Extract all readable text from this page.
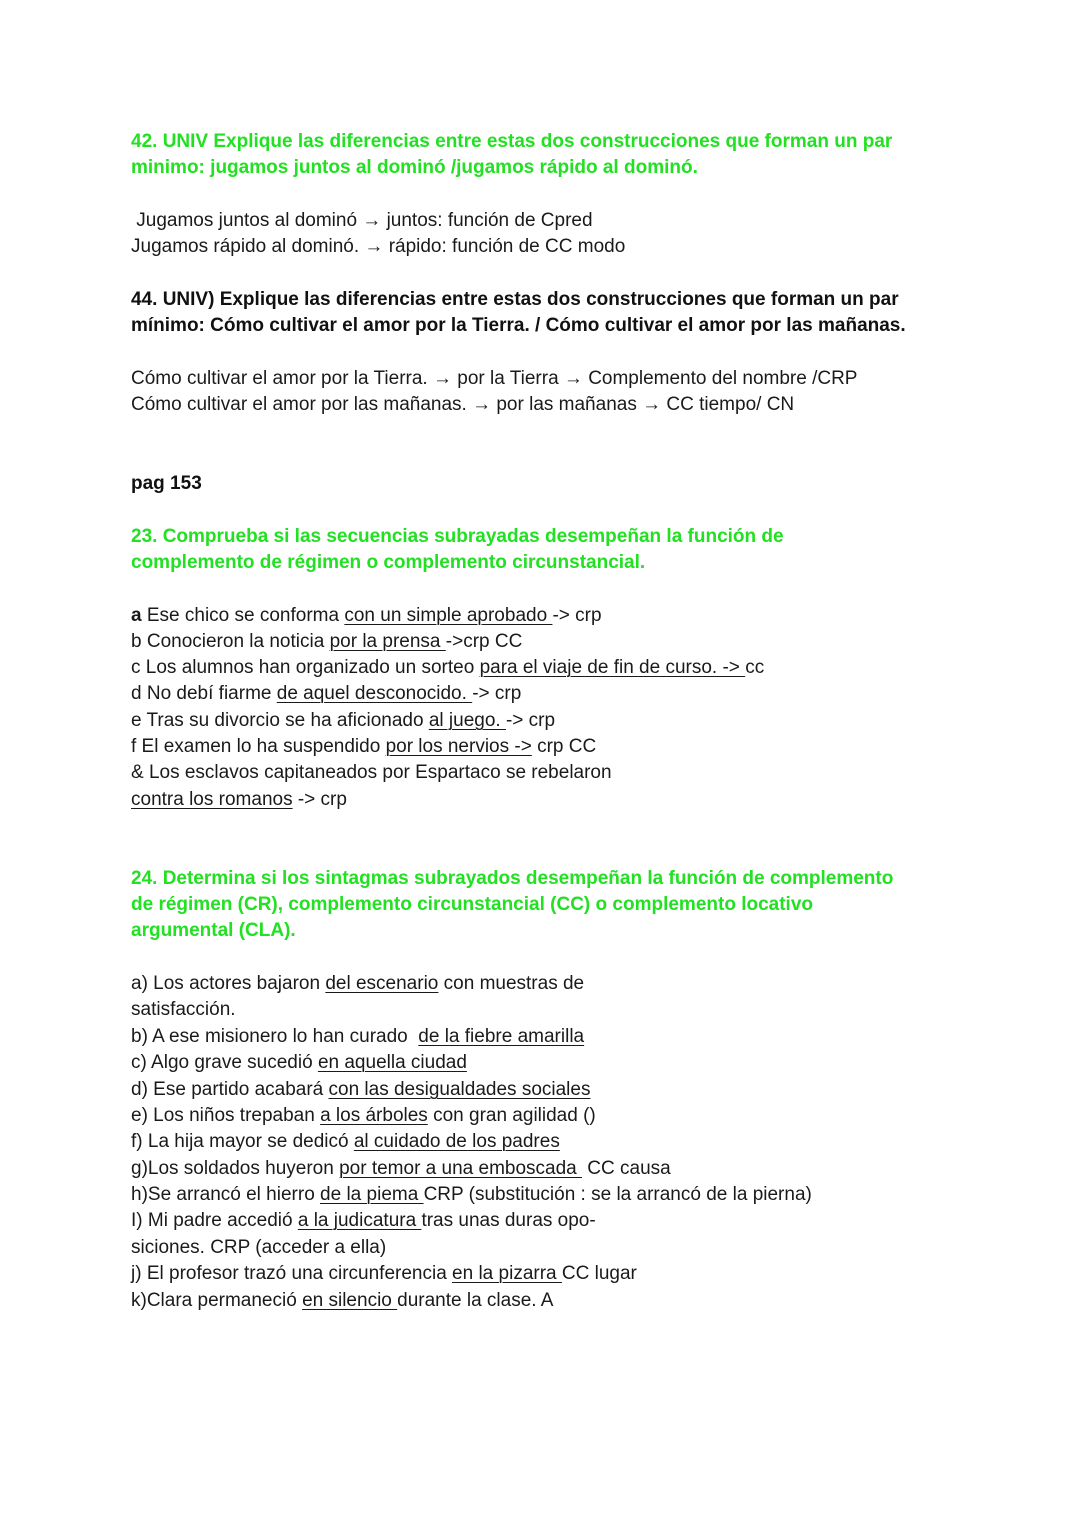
42. UNIV Explique las diferencias entre estas dos construcciones que forman un par

minimo: jugamos juntos al dominó /jugamos rápido al dominó.

Jugamos juntos al dominó → juntos: función de Cpred

Jugamos rápido al dominó. → rápido: función de CC modo

44. UNIV) Explique las diferencias entre estas dos construcciones que forman un par

mínimo: Cómo cultivar el amor por la Tierra. / Cómo cultivar el amor por las mañanas.

Cómo cultivar el amor por la Tierra. → por la Tierra → Complemento del nombre /CRP

Cómo cultivar el amor por las mañanas. → por las mañanas → CC tiempo/ CN

pag 153

23. Comprueba si las secuencias subrayadas desempeñan la función de

complemento de régimen o complemento circunstancial.

a Ese chico se conforma con un simple aprobado -> crp

b Conocieron la noticia por la prensa ->crp CC

c Los alumnos han organizado un sorteo para el viaje de fin de curso. -> cc

d No debí fiarme de aquel desconocido. -> crp

e Tras su divorcio se ha aficionado al juego. -> crp

f El examen lo ha suspendido por los nervios -> crp CC

& Los esclavos capitaneados por Espartaco se rebelaron

contra los romanos -> crp

24. Determina si los sintagmas subrayados desempeñan la función de complemento

de régimen (CR), complemento circunstancial (CC) o complemento locativo

argumental (CLA).

a) Los actores bajaron del escenario con muestras de

satisfacción.

b) A ese misionero lo han curado  de la fiebre amarilla

c) Algo grave sucedió en aquella ciudad

d) Ese partido acabará con las desigualdades sociales

e) Los niños trepaban a los árboles con gran agilidad ()

f) La hija mayor se dedicó al cuidado de los padres

g)Los soldados huyeron por temor a una emboscada  CC causa

h)Se arrancó el hierro de la piema CRP (substitución : se la arrancó de la pierna)

I) Mi padre accedió a la judicatura tras unas duras opo-

siciones. CRP (acceder a ella)

j) El profesor trazó una circunferencia en la pizarra CC lugar

k)Clara permaneció en silencio durante la clase. A
